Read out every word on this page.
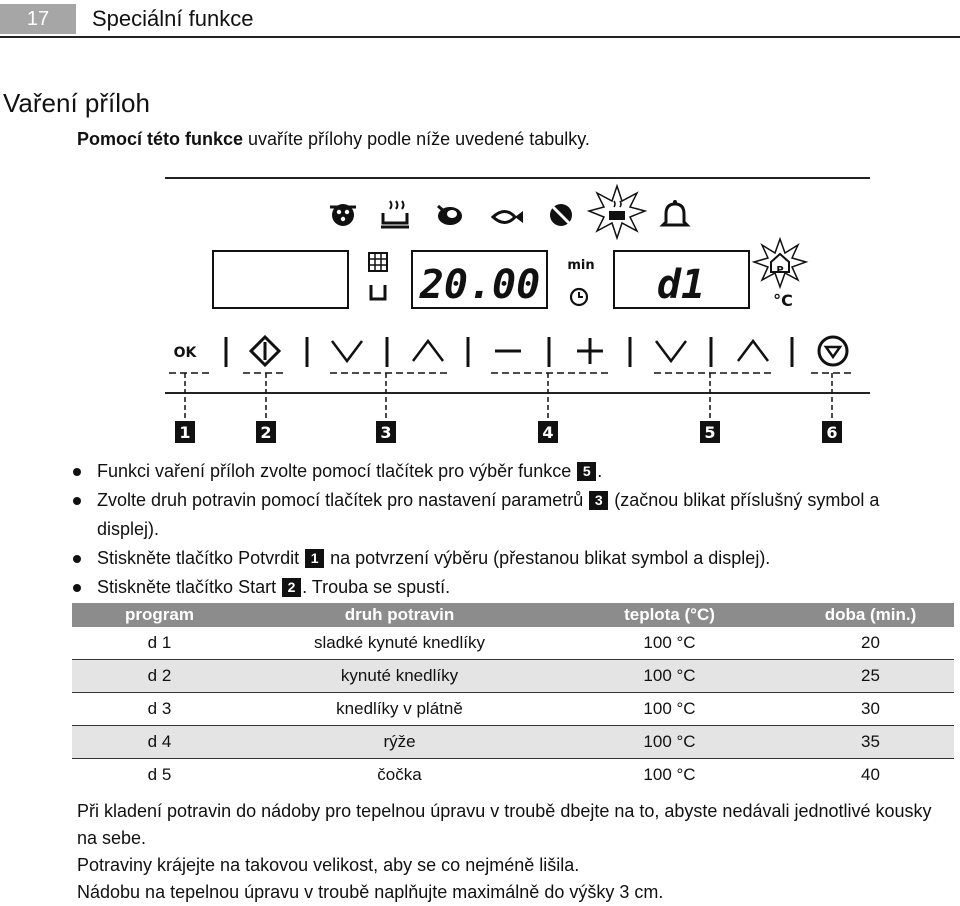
17	Speciální funkce
Vaření příloh
Pomocí této funkce uvaříte přílohy podle níže uvedené tabulky.
20.00 min d1	P
°C
OK
1	2	3	4	5	6
Funkci vaření příloh zvolte pomocí tlačítek pro výběr funkce 5 .
Zvolte druh potravin pomocí tlačítek pro nastavení parametrů 3 (začnou blikat příslušný symbol a displej).
Stiskněte tlačítko Potvrdit 1 na potvrzení výběru (přestanou blikat symbol a displej).
Stiskněte tlačítko Start 2 . Trouba se spustí.
program	druh potravin	teplota (°C)	doba (min.)
d 1	sladké kynuté knedlíky	100 °C	20
d 2	kynuté knedlíky	100 °C	25
d 3	knedlíky v plátně	100 °C	30
d 4	rýže	100 °C	35
d 5	čočka	100 °C	40

Při kladení potravin do nádoby pro tepelnou úpravu v troubě dbejte na to, abyste nedávali jednotlivé kousky na sebe.

Potraviny krájejte na takovou velikost, aby se co nejméně lišila.

Nádobu na tepelnou úpravu v troubě naplňujte maximálně do výšky 3 cm.
